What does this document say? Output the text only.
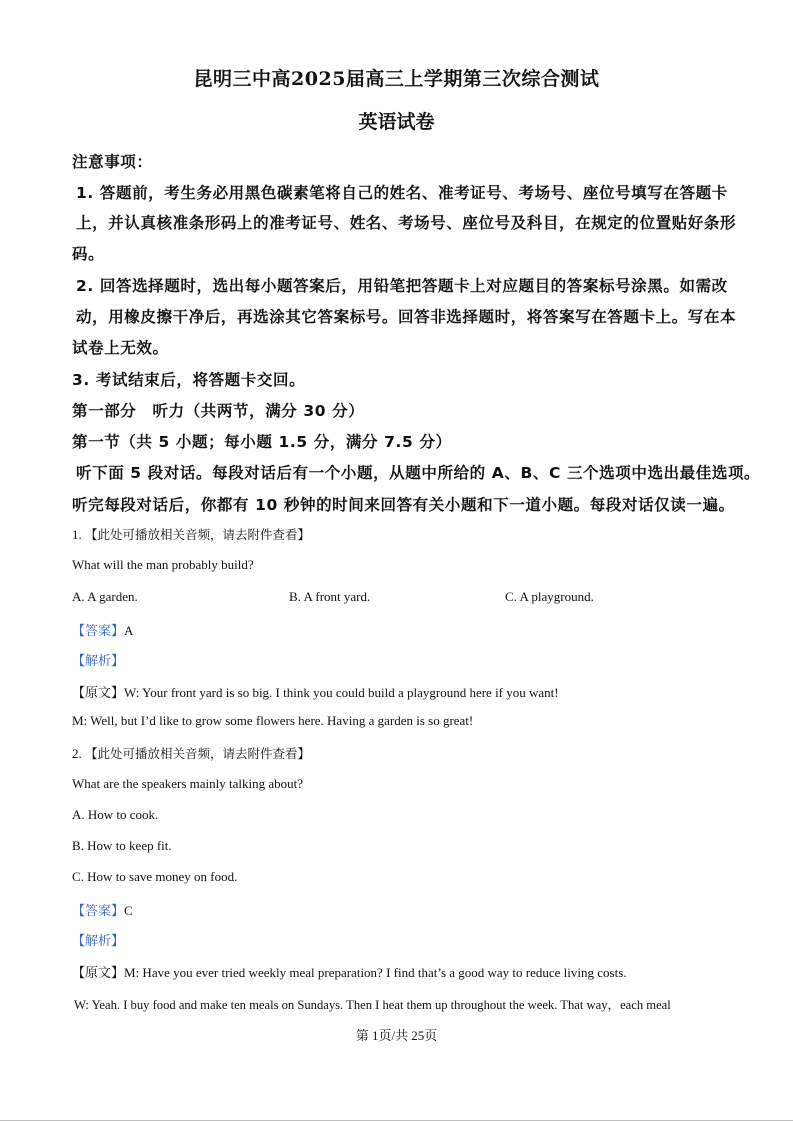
昆明三中高2025届高三上学期第三次综合测试
英语试卷
注意事项：
1. 答题前，考生务必用黑色碳素笔将自己的姓名、准考证号、考场号、座位号填写在答题卡
上，并认真核准条形码上的准考证号、姓名、考场号、座位号及科目，在规定的位置贴好条形
码。
2. 回答选择题时，选出每小题答案后，用铅笔把答题卡上对应题目的答案标号涂黑。如需改
动，用橡皮擦干净后，再选涂其它答案标号。回答非选择题时，将答案写在答题卡上。写在本
试卷上无效。
3. 考试结束后，将答题卡交回。
第一部分　听力（共两节，满分 30 分）
第一节（共 5 小题；每小题 1.5 分，满分 7.5 分）
听下面 5 段对话。每段对话后有一个小题，从题中所给的 A、B、C 三个选项中选出最佳选项。
听完每段对话后，你都有 10 秒钟的时间来回答有关小题和下一道小题。每段对话仅读一遍。
1. 【此处可播放相关音频，请去附件查看】
What will the man probably build?
A. A garden.	B. A front yard.	C. A playground.
【答案】A
【解析】
【原文】W: Your front yard is so big. I think you could build a playground here if you want!
M: Well, but I’d like to grow some flowers here. Having a garden is so great!
2. 【此处可播放相关音频，请去附件查看】
What are the speakers mainly talking about?
A. How to cook.
B. How to keep fit.
C. How to save money on food.
【答案】C
【解析】
【原文】M: Have you ever tried weekly meal preparation? I find that’s a good way to reduce living costs.
W: Yeah. I buy food and make ten meals on Sundays. Then I heat them up throughout the week. That way，each meal
第 1页/共 25页
